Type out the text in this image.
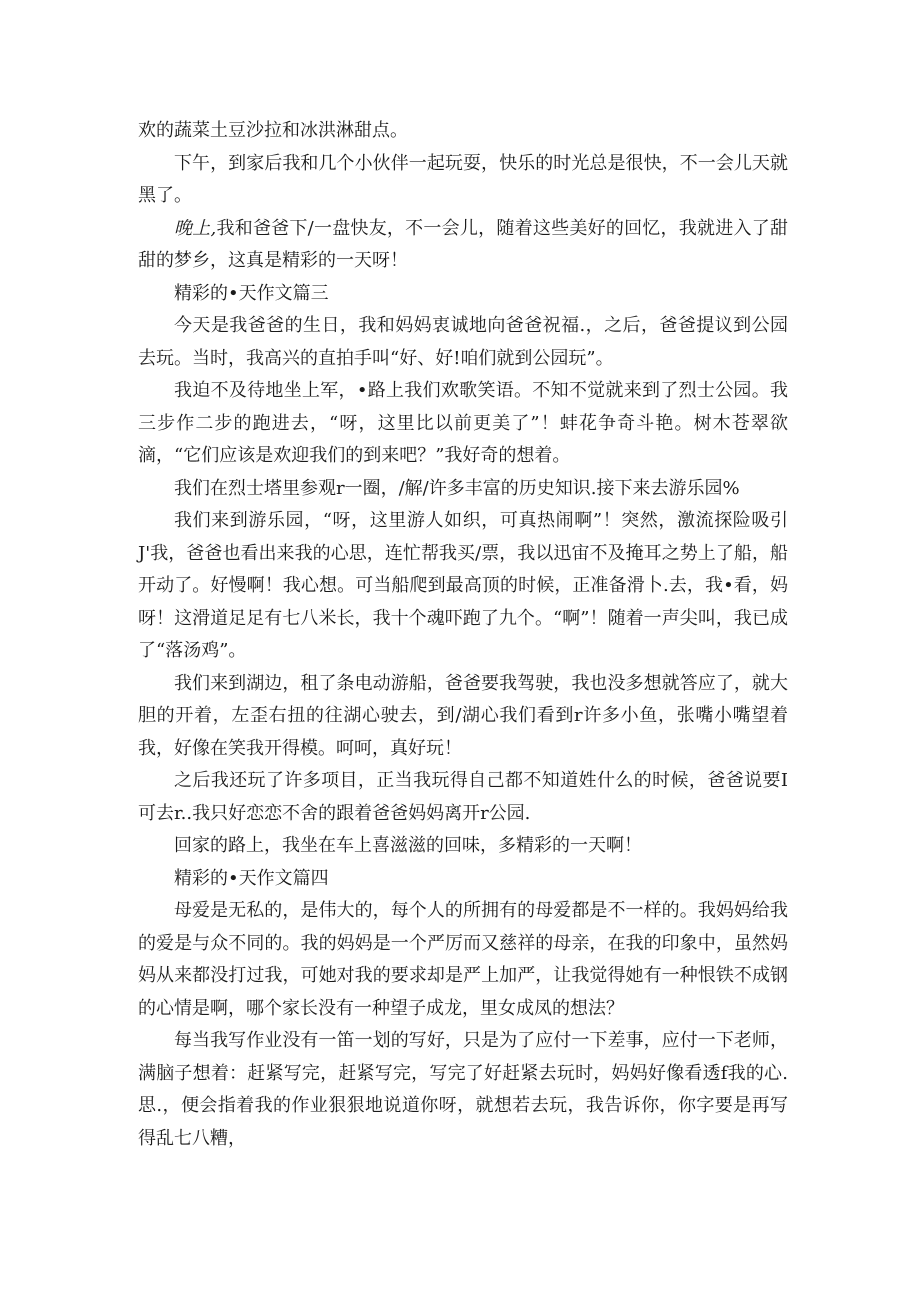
欢的蔬菜土豆沙拉和冰洪淋甜点。

下午，到家后我和几个小伙伴一起玩耍，快乐的时光总是很快，不一会儿天就黑了。

晚上,我和爸爸下/一盘快友，不一会儿，随着这些美好的回忆，我就进入了甜甜的梦乡，这真是精彩的一天呀！

精彩的•天作文篇三

今天是我爸爸的生日，我和妈妈衷诚地向爸爸祝福.，之后，爸爸提议到公园去玩。当时，我高兴的直拍手叫“好、好!咱们就到公园玩”。

我迫不及待地坐上军，•路上我们欢歌笑语。不知不觉就来到了烈士公园。我三步作二步的跑进去，“呀，这里比以前更美了”！蚌花争奇斗艳。树木苍翠欲滴，“它们应该是欢迎我们的到来吧？”我好奇的想着。

我们在烈士塔里参观r一圈，/解/许多丰富的历史知识.接下来去游乐园%

我们来到游乐园，“呀，这里游人如织，可真热闹啊”！突然，激流探险吸引J'我，爸爸也看出来我的心思，连忙帮我买/票，我以迅宙不及掩耳之势上了船，船开动了。好慢啊！我心想。可当船爬到最高顶的时候，正准备滑卜.去，我•看，妈呀！这滑道足足有七八米长，我十个魂吓跑了九个。“啊”！随着一声尖叫，我已成了“落汤鸡”。

我们来到湖边，租了条电动游船，爸爸要我驾驶，我也没多想就答应了，就大胆的开着，左歪右扭的往湖心驶去，到/湖心我们看到r许多小鱼，张嘴小嘴望着我，好像在笑我开得模。呵呵，真好玩！

之后我还玩了许多项目，正当我玩得自己都不知道姓什么的时候，爸爸说要I可去r..我只好恋恋不舍的跟着爸爸妈妈离开r公园.

回家的路上，我坐在车上喜滋滋的回味，多精彩的一天啊！

精彩的•天作文篇四

母爱是无私的，是伟大的，每个人的所拥有的母爱都是不一样的。我妈妈给我的爱是与众不同的。我的妈妈是一个严厉而又慈祥的母亲，在我的印象中，虽然妈妈从来都没打过我，可她对我的要求却是严上加严，让我觉得她有一种恨铁不成钢的心情是啊，哪个家长没有一种望子成龙，里女成凤的想法？

每当我写作业没有一笛一划的写好，只是为了应付一下差事，应付一下老师，满脑子想着：赶紧写完，赶紧写完，写完了好赶紧去玩时，妈妈好像看透f我的心.思.，便会指着我的作业狠狠地说道你呀，就想若去玩，我告诉你，你字要是再写得乱七八糟，
